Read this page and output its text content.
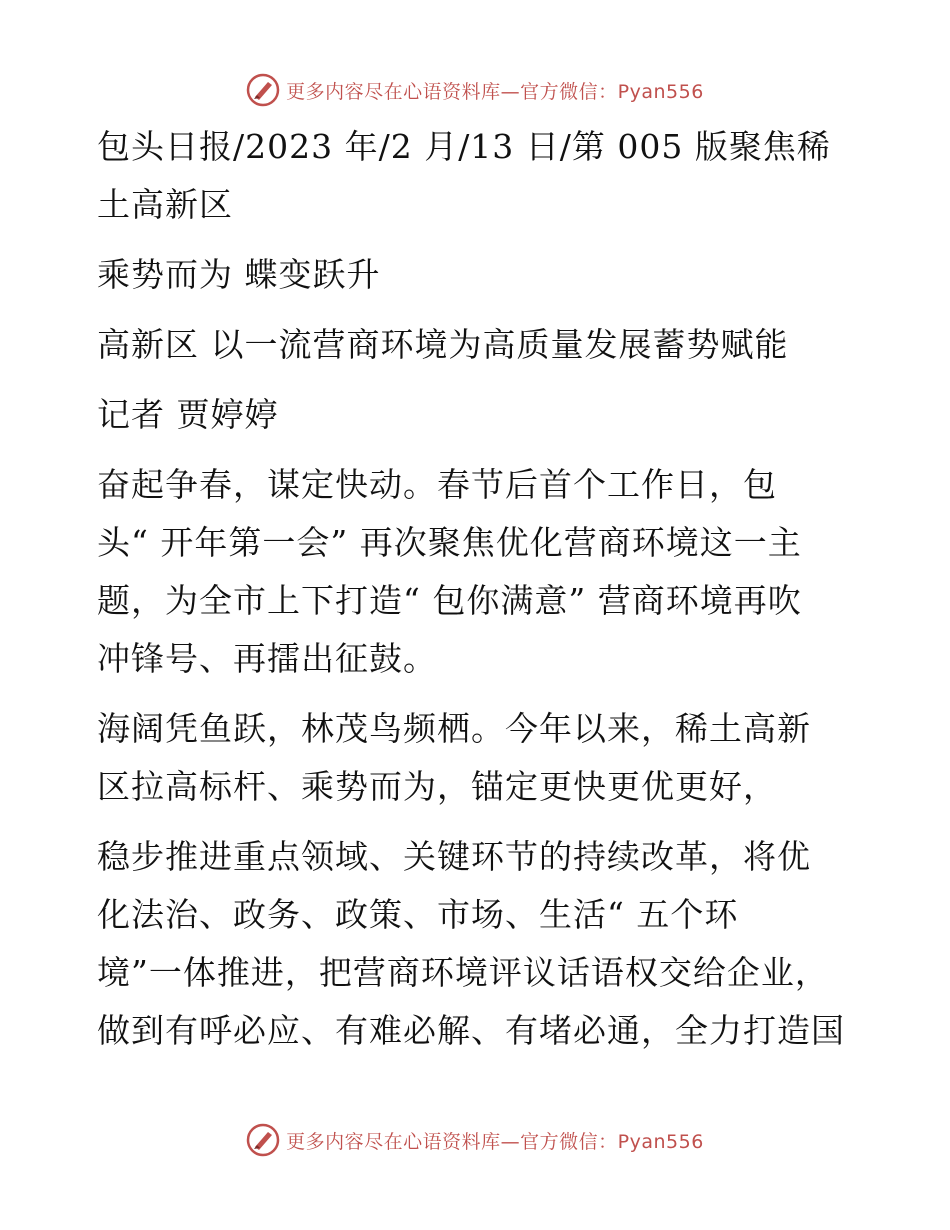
更多内容尽在心语资料库—官方微信：Pyan556

包头日报/2023 年/2 月/13 日/第 005 版聚焦稀
土高新区

乘势而为 蝶变跃升

高新区 以一流营商环境为高质量发展蓄势赋能

记者 贾婷婷

奋起争春，谋定快动。春节后首个工作日，包
头“ 开年第一会” 再次聚焦优化营商环境这一主
题，为全市上下打造“ 包你满意” 营商环境再吹
冲锋号、再擂出征鼓。

海阔凭鱼跃，林茂鸟频栖。今年以来，稀土高新
区拉高标杆、乘势而为，锚定更快更优更好，

稳步推进重点领域、关键环节的持续改革，将优
化法治、政务、政策、市场、生活“ 五个环
境”一体推进，把营商环境评议话语权交给企业，
做到有呼必应、有难必解、有堵必通，全力打造国

更多内容尽在心语资料库—官方微信：Pyan556
